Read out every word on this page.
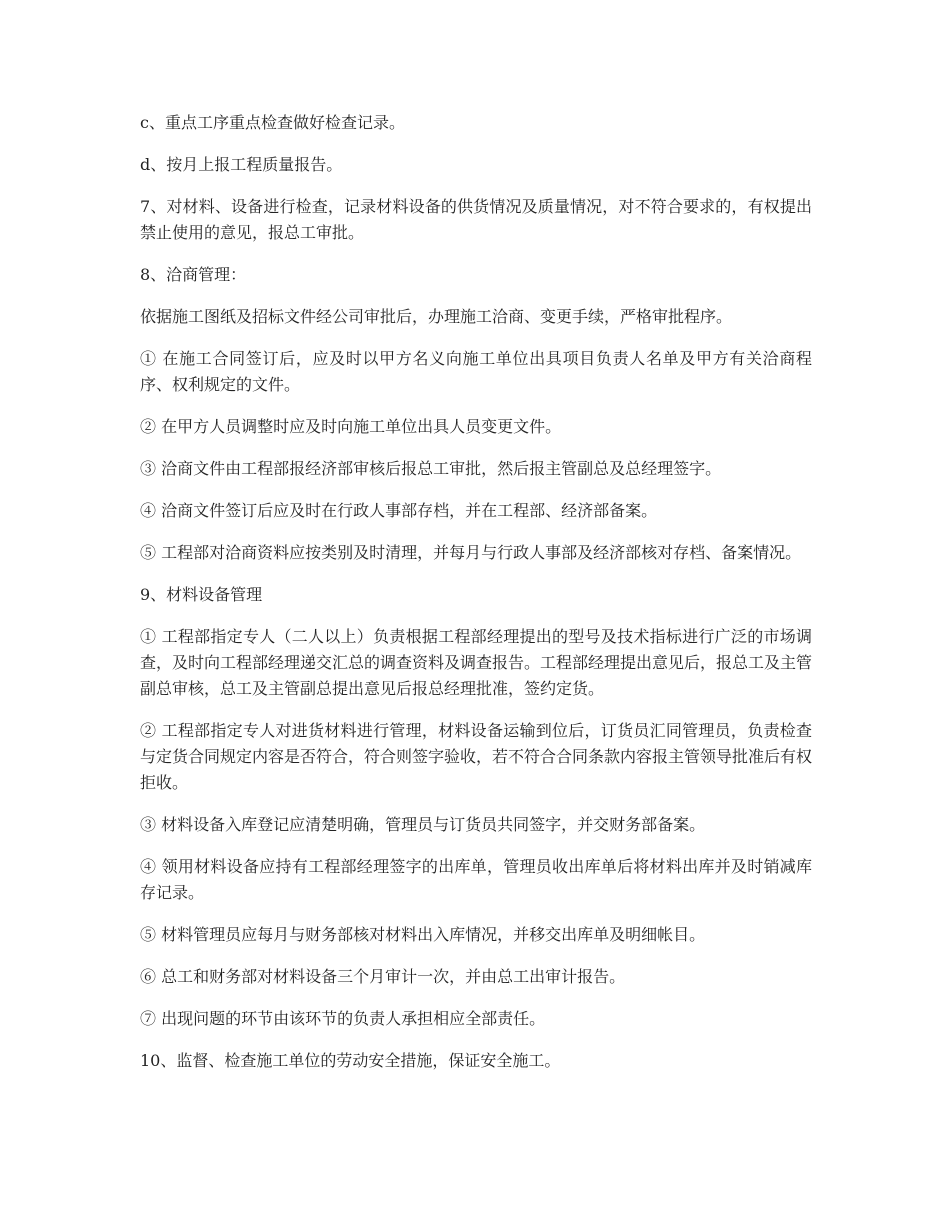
c、重点工序重点检查做好检查记录。

d、按月上报工程质量报告。

7、对材料、设备进行检查，记录材料设备的供货情况及质量情况，对不符合要求的，有权提出禁止使用的意见，报总工审批。

8、洽商管理：

依据施工图纸及招标文件经公司审批后，办理施工洽商、变更手续，严格审批程序。

① 在施工合同签订后，应及时以甲方名义向施工单位出具项目负责人名单及甲方有关洽商程序、权利规定的文件。

② 在甲方人员调整时应及时向施工单位出具人员变更文件。

③ 洽商文件由工程部报经济部审核后报总工审批，然后报主管副总及总经理签字。

④ 洽商文件签订后应及时在行政人事部存档，并在工程部、经济部备案。

⑤ 工程部对洽商资料应按类别及时清理，并每月与行政人事部及经济部核对存档、备案情况。

9、材料设备管理

① 工程部指定专人（二人以上）负责根据工程部经理提出的型号及技术指标进行广泛的市场调查，及时向工程部经理递交汇总的调查资料及调查报告。工程部经理提出意见后，报总工及主管副总审核，总工及主管副总提出意见后报总经理批准，签约定货。

② 工程部指定专人对进货材料进行管理，材料设备运输到位后，订货员汇同管理员，负责检查与定货合同规定内容是否符合，符合则签字验收，若不符合合同条款内容报主管领导批准后有权拒收。

③ 材料设备入库登记应清楚明确，管理员与订货员共同签字，并交财务部备案。

④ 领用材料设备应持有工程部经理签字的出库单，管理员收出库单后将材料出库并及时销减库存记录。

⑤ 材料管理员应每月与财务部核对材料出入库情况，并移交出库单及明细帐目。

⑥ 总工和财务部对材料设备三个月审计一次，并由总工出审计报告。

⑦ 出现问题的环节由该环节的负责人承担相应全部责任。

10、监督、检查施工单位的劳动安全措施，保证安全施工。
